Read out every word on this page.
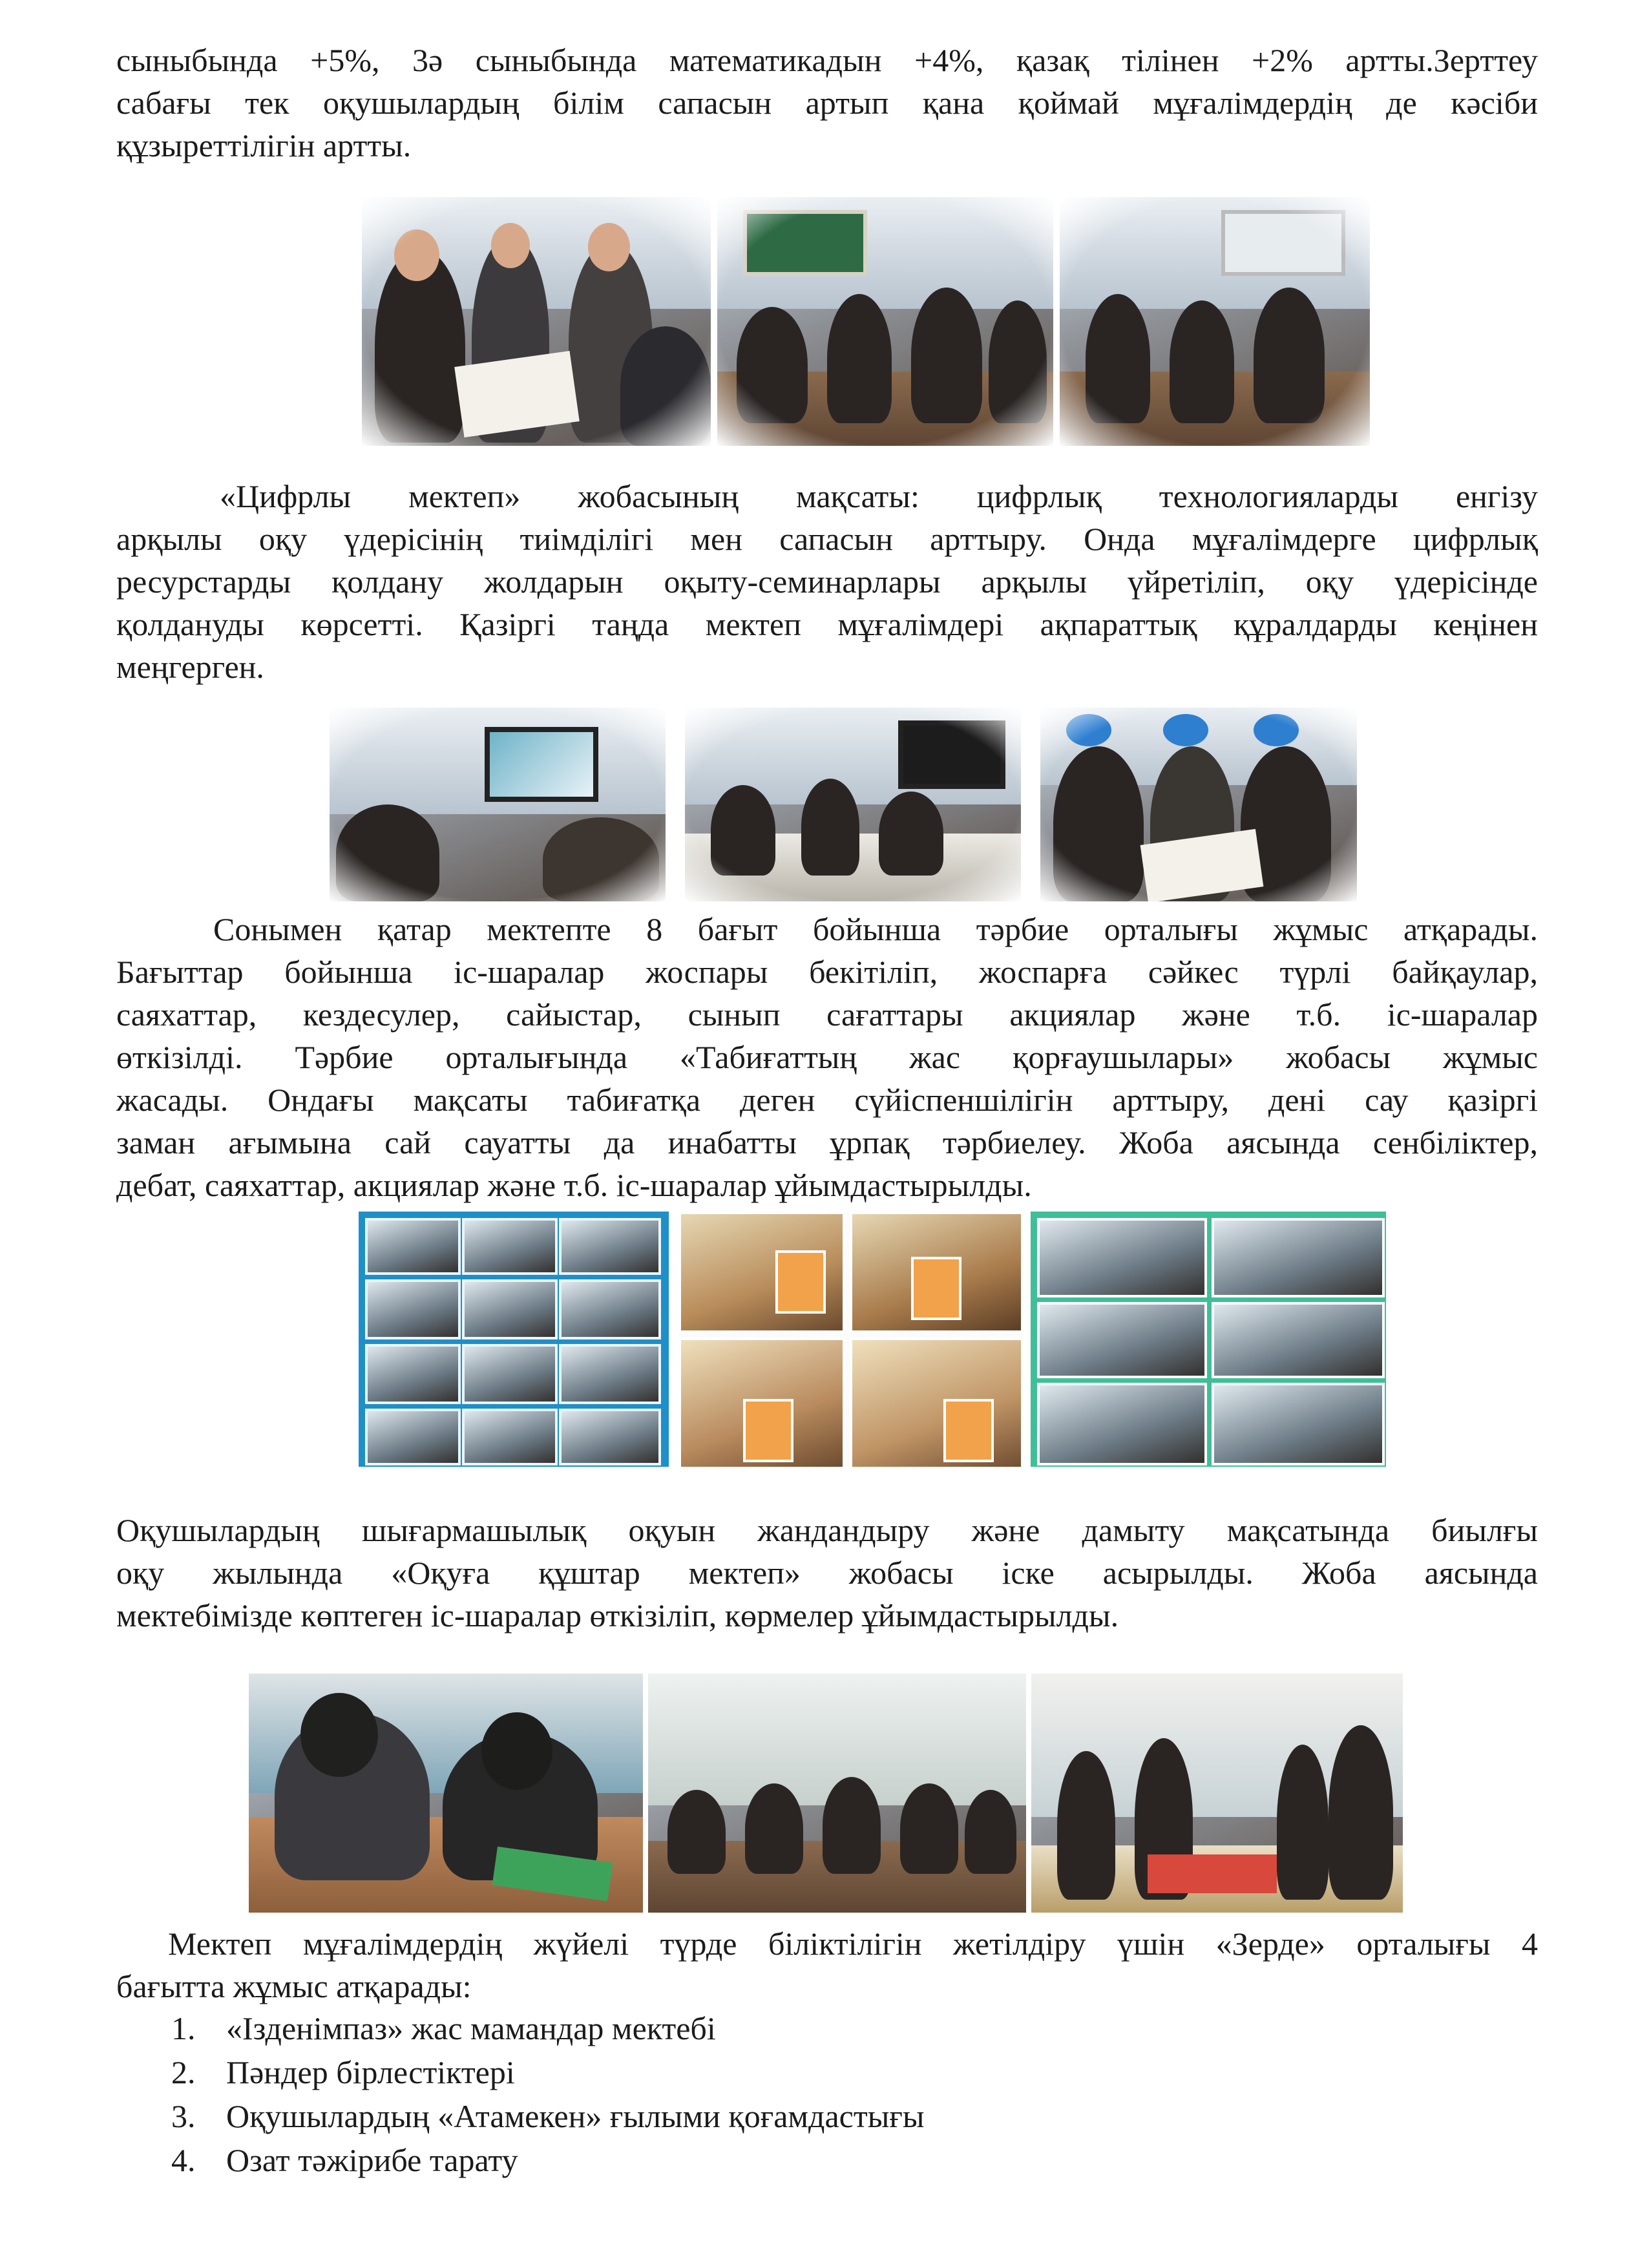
сыныбында +5%, 3ә сыныбында математикадын +4%, қазақ тілінен +2% артты.Зерттеу
сабағы тек оқушылардың білім сапасын артып қана қоймай мұғалімдердің де кәсіби
құзыреттілігін артты.
«Цифрлы мектеп» жобасының мақсаты: цифрлық технологияларды енгізу
арқылы оқу үдерісінің тиімділігі мен сапасын арттыру. Онда мұғалімдерге цифрлық
ресурстарды қолдану жолдарын оқыту-семинарлары арқылы үйретіліп, оқу үдерісінде
қолдануды көрсетті. Қазіргі таңда мектеп мұғалімдері ақпараттық құралдарды кеңінен
меңгерген.
Сонымен қатар мектепте 8 бағыт бойынша тәрбие орталығы жұмыс атқарады.
Бағыттар бойынша іс-шаралар жоспары бекітіліп, жоспарға сәйкес түрлі байқаулар,
саяхаттар, кездесулер, сайыстар, сынып сағаттары акциялар және т.б. іс-шаралар
өткізілді. Тәрбие орталығында «Табиғаттың жас қорғаушылары» жобасы жұмыс
жасады. Ондағы мақсаты табиғатқа деген сүйіспеншілігін арттыру, дені сау қазіргі
заман ағымына сай сауатты да инабатты ұрпақ тәрбиелеу. Жоба аясында сенбіліктер,
дебат, саяхаттар, акциялар және т.б. іс-шаралар ұйымдастырылды.
Оқушылардың шығармашылық оқуын жандандыру және дамыту мақсатында биылғы
оқу жылында «Оқуға құштар мектеп» жобасы іске асырылды. Жоба аясында
мектебімізде көптеген іс-шаралар өткізіліп, көрмелер ұйымдастырылды.
Мектеп мұғалімдердің жүйелі түрде біліктілігін жетілдіру үшін «Зерде» орталығы 4
бағытта жұмыс атқарады:
1. «Ізденімпаз» жас мамандар мектебі
2. Пәндер бірлестіктері
3. Оқушылардың «Атамекен» ғылыми қоғамдастығы
4. Озат тәжірибе тарату
